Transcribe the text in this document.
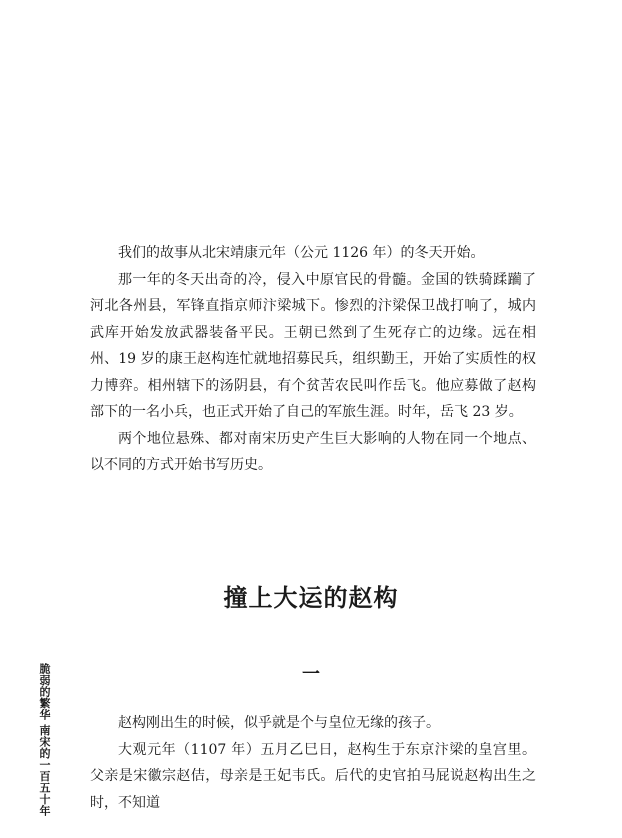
我们的故事从北宋靖康元年（公元 1126 年）的冬天开始。

那一年的冬天出奇的冷，侵入中原官民的骨髓。金国的铁骑蹂躏了河北各州县，军锋直指京师汴梁城下。惨烈的汴梁保卫战打响了，城内武库开始发放武器装备平民。王朝已然到了生死存亡的边缘。远在相州、19 岁的康王赵构连忙就地招募民兵，组织勤王，开始了实质性的权力博弈。相州辖下的汤阴县，有个贫苦农民叫作岳飞。他应募做了赵构部下的一名小兵，也正式开始了自己的军旅生涯。时年，岳飞 23 岁。

两个地位悬殊、都对南宋历史产生巨大影响的人物在同一个地点、以不同的方式开始书写历史。

撞上大运的赵构
一

赵构刚出生的时候，似乎就是个与皇位无缘的孩子。

大观元年（1107 年）五月乙巳日，赵构生于东京汴梁的皇宫里。父亲是宋徽宗赵佶，母亲是王妃韦氏。后代的史官拍马屁说赵构出生之时，不知道

脆弱的繁华南宋的一百五十年
